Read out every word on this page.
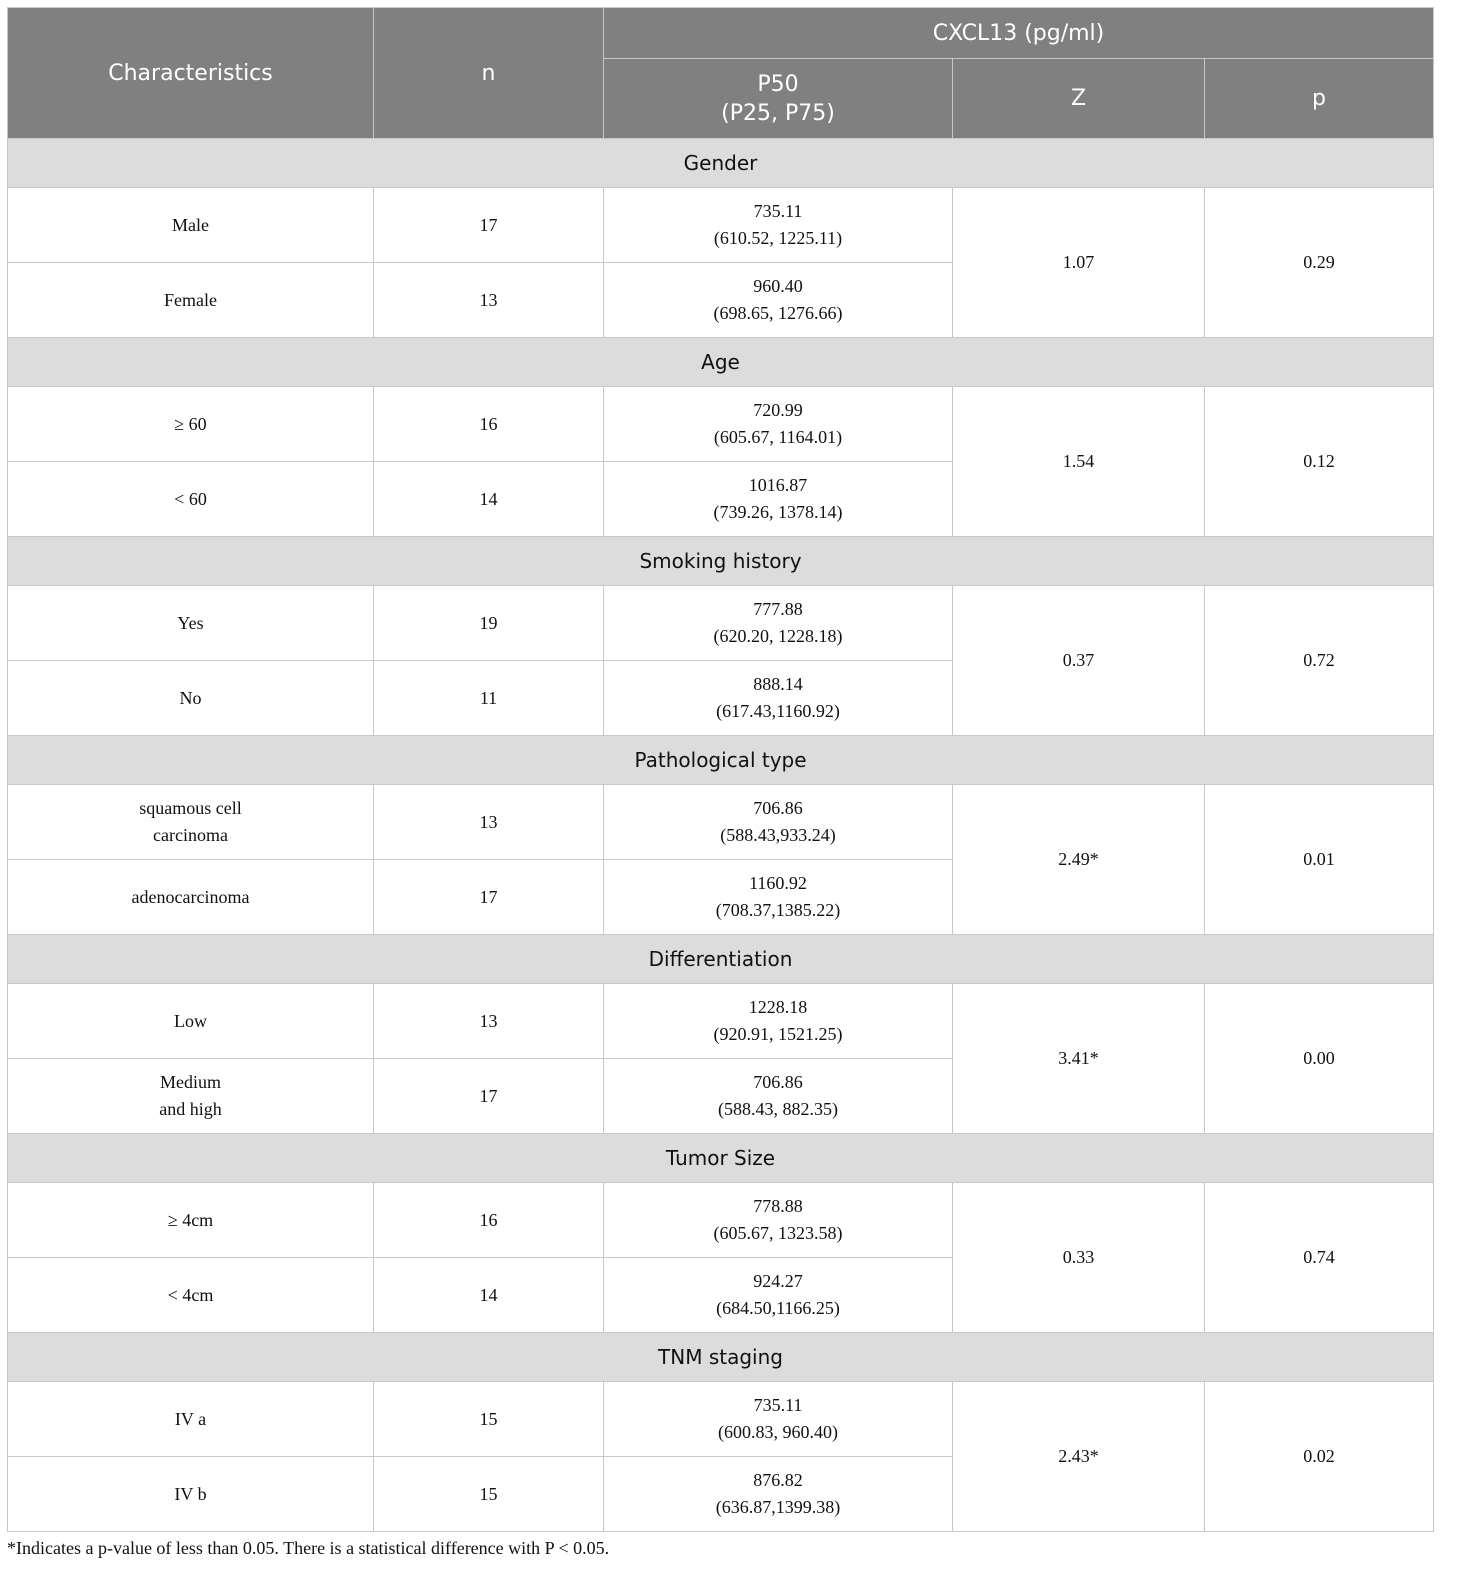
Characteristics	n	CXCL13 (pg/ml)		

		P50
(P25, P75)	Z	p
Gender				

Male	17	735.11
(610.52, 1225.11)	1.07	0.29

Female	13	960.40
(698.65, 1276.66)		

Age				

≥ 60	16	720.99
(605.67, 1164.01)	1.54	0.12

< 60	14	1016.87
(739.26, 1378.14)		

Smoking history				

Yes	19	777.88
(620.20, 1228.18)	0.37	0.72

No	11	888.14
(617.43,1160.92)		

Pathological type				

squamous cell
carcinoma	13	706.86
(588.43,933.24)	2.49*	0.01

adenocarcinoma	17	1160.92
(708.37,1385.22)		

Differentiation				

Low	13	1228.18
(920.91, 1521.25)	3.41*	0.00

Medium
and high	17	706.86
(588.43, 882.35)		

Tumor Size				

≥ 4cm	16	778.88
(605.67, 1323.58)	0.33	0.74

< 4cm	14	924.27
(684.50,1166.25)		

TNM staging				

IV a	15	735.11
(600.83, 960.40)	2.43*	0.02

IV b	15	876.82
(636.87,1399.38)		
*Indicates a p-value of less than 0.05. There is a statistical difference with P < 0.05.
